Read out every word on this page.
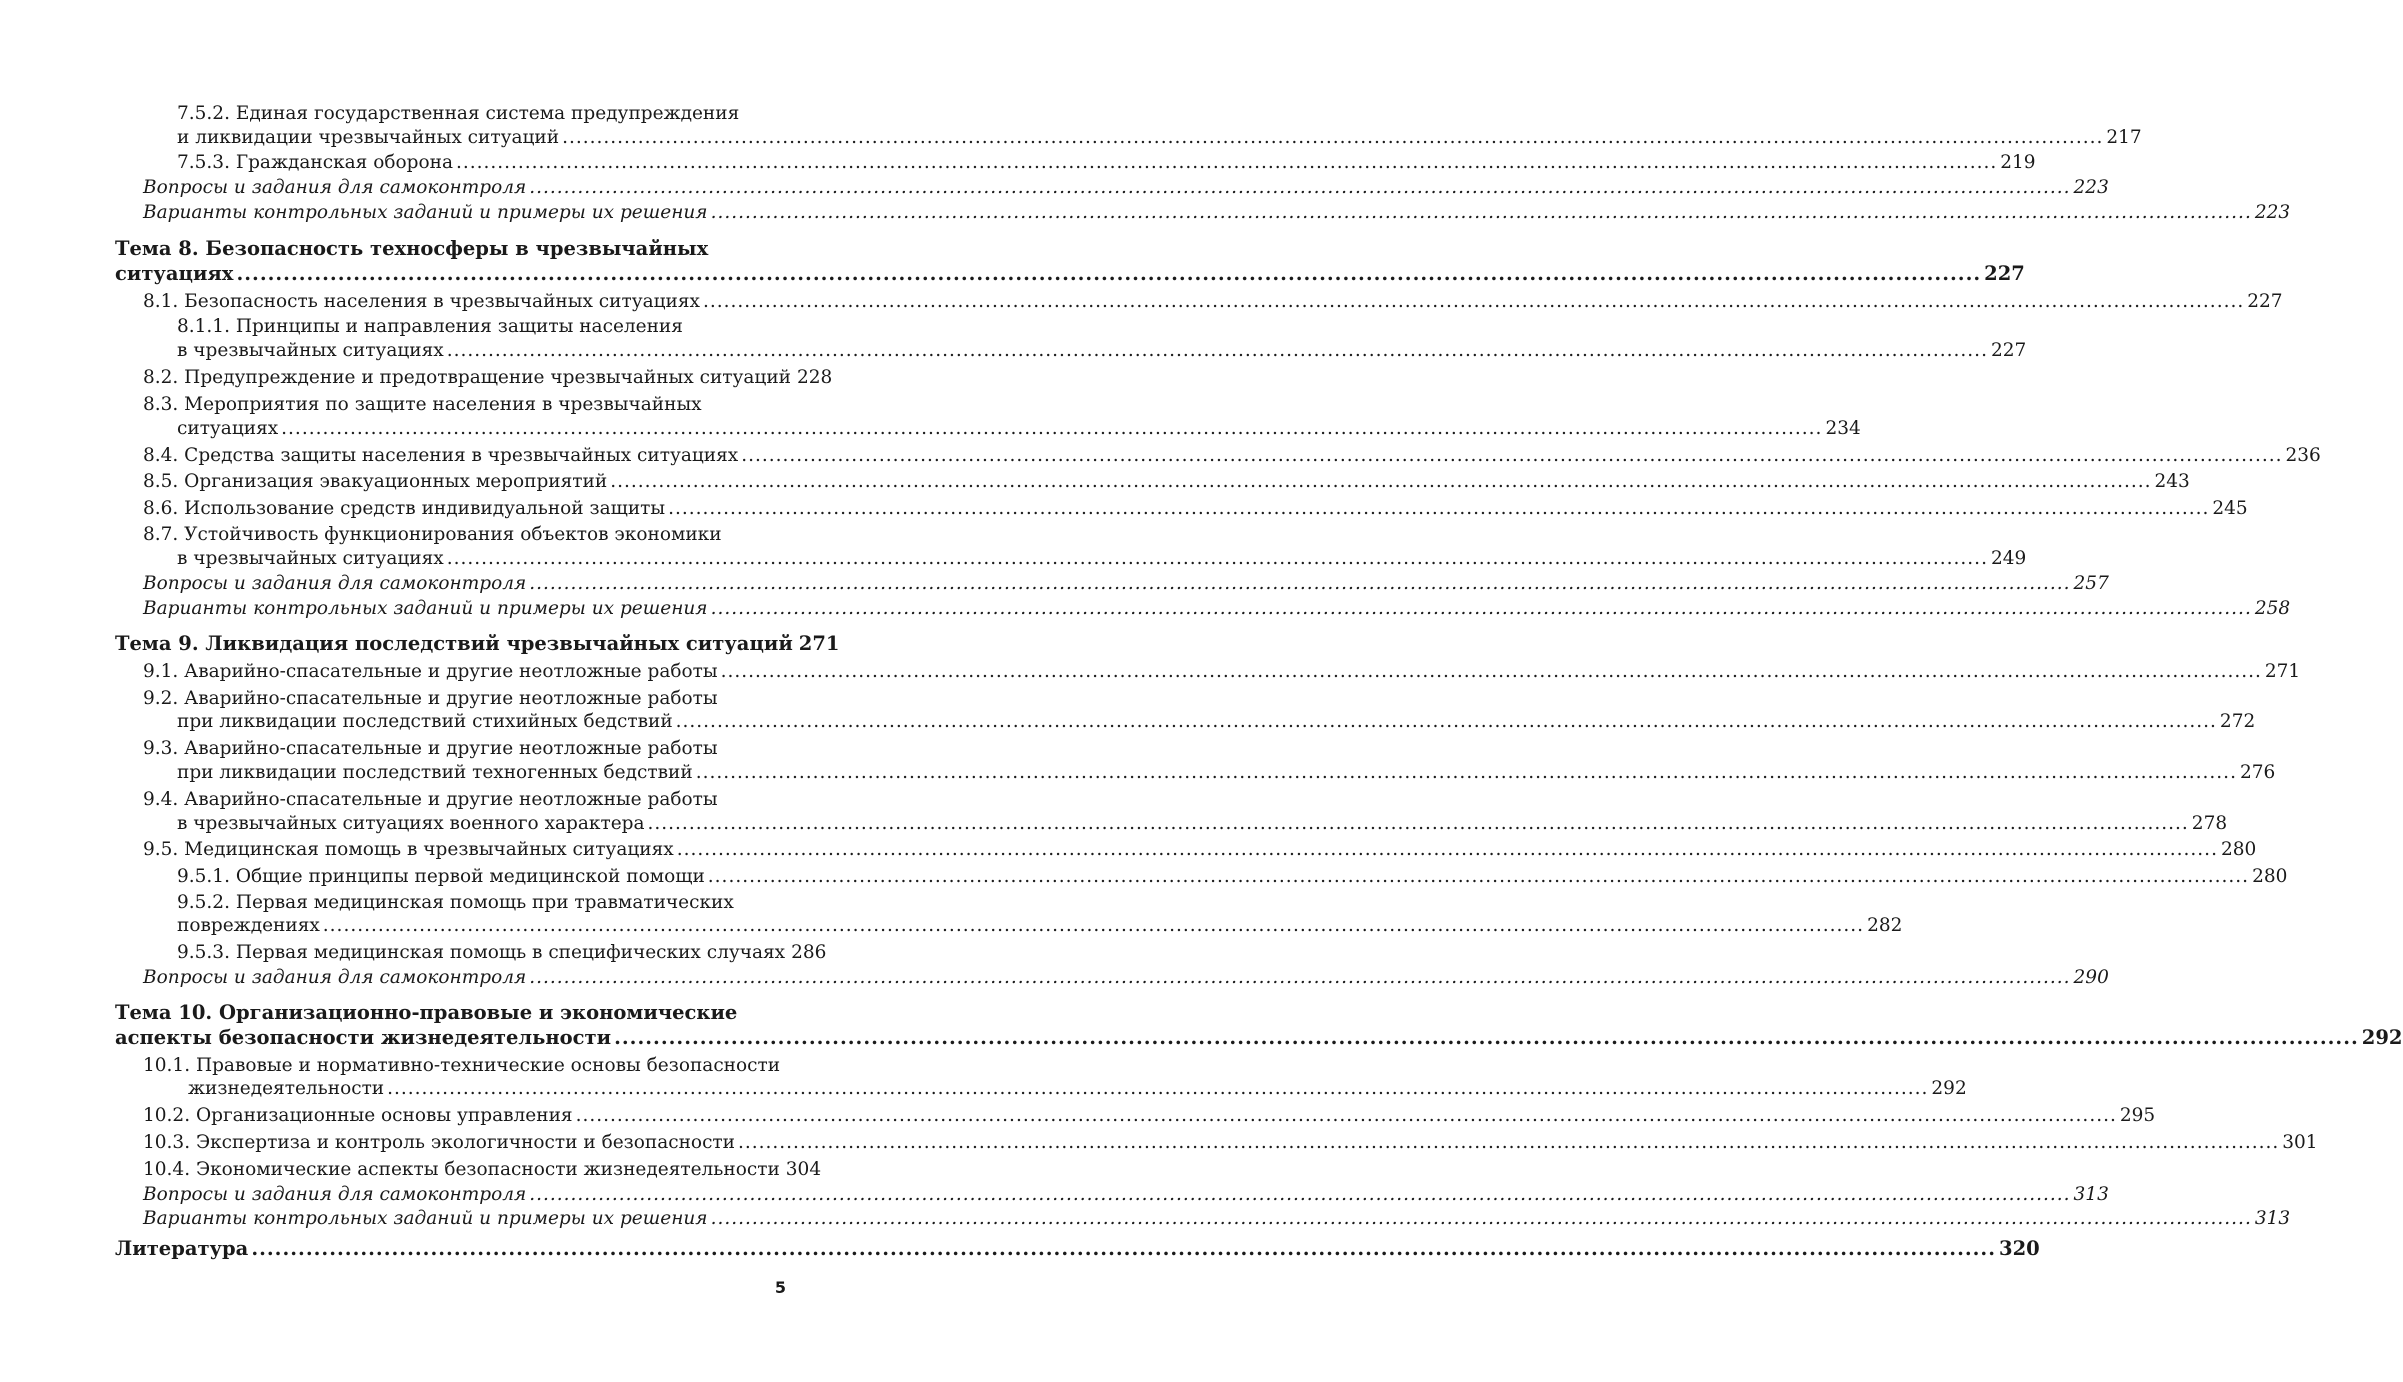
7.5.2. Единая государственная система предупреждения
и ликвидации чрезвычайных ситуаций .....	217
7.5.3. Гражданская оборона .....	219
Вопросы и задания для самоконтроля .....	223
Варианты контрольных заданий и примеры их решения .....	223
Тема 8. Безопасность техносферы в чрезвычайных
ситуациях .....	227
8.1. Безопасность населения в чрезвычайных ситуациях .....	227
8.1.1. Принципы и направления защиты населения
в чрезвычайных ситуациях .....	227
8.2. Предупреждение и предотвращение чрезвычайных ситуаций 228
8.3. Мероприятия по защите населения в чрезвычайных
ситуациях .....	234
8.4. Средства защиты населения в чрезвычайных ситуациях .....	236
8.5. Организация эвакуационных мероприятий .....	243
8.6. Использование средств индивидуальной защиты .....	245
8.7. Устойчивость функционирования объектов экономики
в чрезвычайных ситуациях .....	249
Вопросы и задания для самоконтроля .....	257
Варианты контрольных заданий и примеры их решения .....	258
Тема 9. Ликвидация последствий чрезвычайных ситуаций 271
9.1. Аварийно-спасательные и другие неотложные работы .....	271
9.2. Аварийно-спасательные и другие неотложные работы
при ликвидации последствий стихийных бедствий .....	272
9.3. Аварийно-спасательные и другие неотложные работы
при ликвидации последствий техногенных бедствий .....	276
9.4. Аварийно-спасательные и другие неотложные работы
в чрезвычайных ситуациях военного характера .....	278
9.5. Медицинская помощь в чрезвычайных ситуациях .....	280
9.5.1. Общие принципы первой медицинской помощи .....	280
9.5.2. Первая медицинская помощь при травматических
повреждениях .....	282
9.5.3. Первая медицинская помощь в специфических случаях 286
Вопросы и задания для самоконтроля .....	290
Тема 10. Организационно-правовые и экономические
аспекты безопасности жизнедеятельности .....	292
10.1. Правовые и нормативно-технические основы безопасности
жизнедеятельности .....	292
10.2. Организационные основы управления .....	295
10.3. Экспертиза и контроль экологичности и безопасности .....	301
10.4. Экономические аспекты безопасности жизнедеятельности 304
Вопросы и задания для самоконтроля .....	313
Варианты контрольных заданий и примеры их решения .....	313
Литература .....	320
5
